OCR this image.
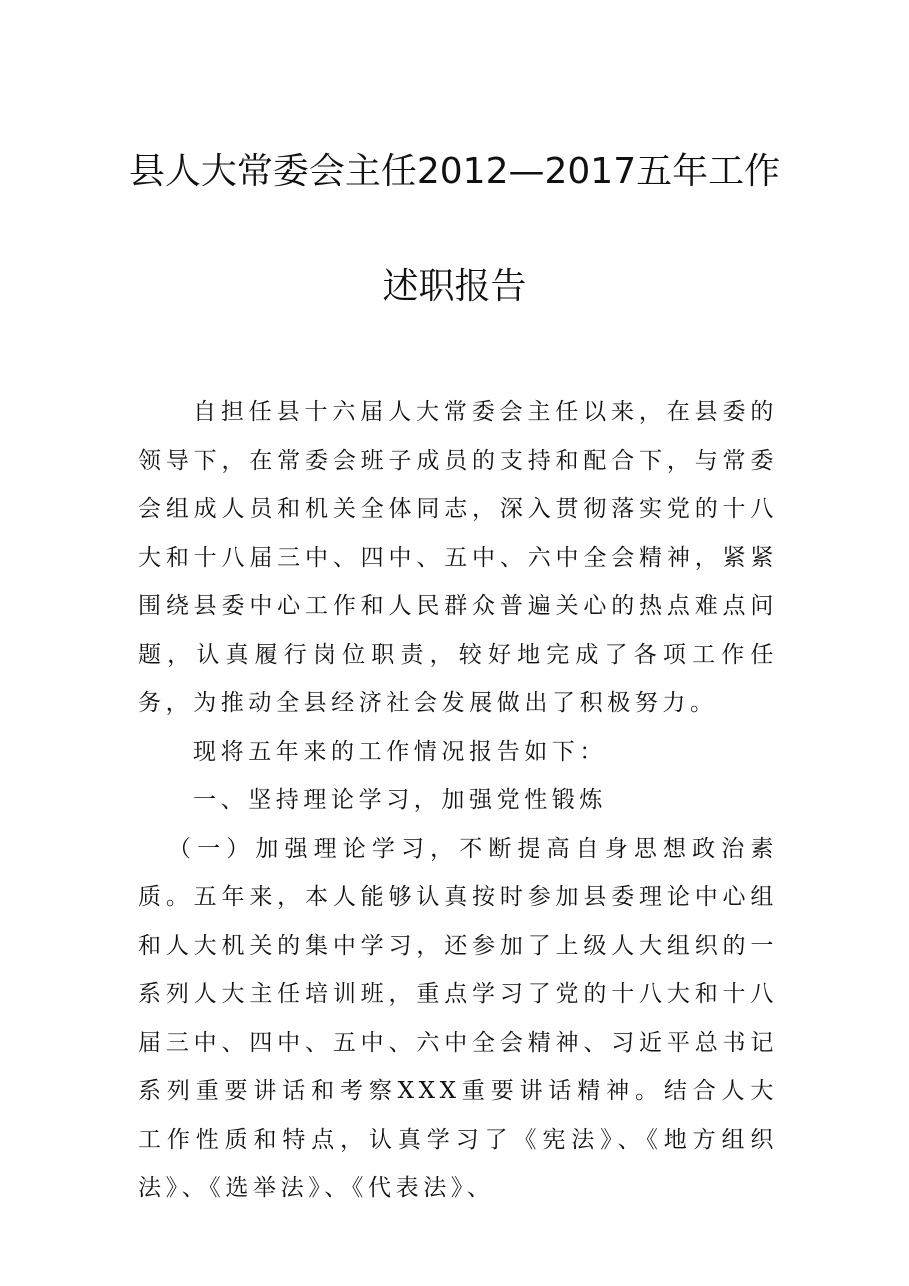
县人大常委会主任2012—2017五年工作
述职报告

自担任县十六届人大常委会主任以来，在县委的领导下，在常委会班子成员的支持和配合下，与常委会组成人员和机关全体同志，深入贯彻落实党的十八大和十八届三中、四中、五中、六中全会精神，紧紧围绕县委中心工作和人民群众普遍关心的热点难点问题，认真履行岗位职责，较好地完成了各项工作任务，为推动全县经济社会发展做出了积极努力。

现将五年来的工作情况报告如下：

一、坚持理论学习，加强党性锻炼

（一）加强理论学习，不断提高自身思想政治素质。五年来，本人能够认真按时参加县委理论中心组和人大机关的集中学习，还参加了上级人大组织的一系列人大主任培训班，重点学习了党的十八大和十八届三中、四中、五中、六中全会精神、习近平总书记系列重要讲话和考察XXX重要讲话精神。结合人大工作性质和特点，认真学习了《宪法》、《地方组织法》、《选举法》、《代表法》、
